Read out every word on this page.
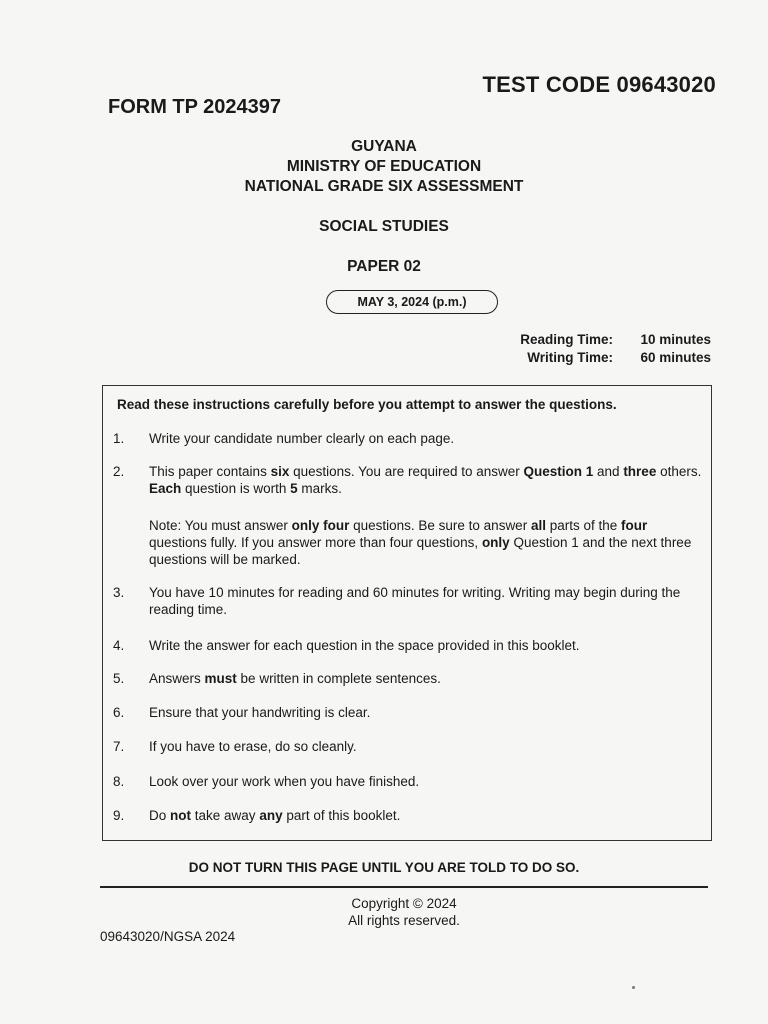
TEST CODE 09643020
FORM TP 2024397
GUYANA
MINISTRY OF EDUCATION
NATIONAL GRADE SIX ASSESSMENT
SOCIAL STUDIES
PAPER 02
MAY 3, 2024 (p.m.)
Reading Time:	10 minutes
Writing Time:	60 minutes
Read these instructions carefully before you attempt to answer the questions.
1.	Write your candidate number clearly on each page.
2.	This paper contains six questions. You are required to answer Question 1 and three others. Each question is worth 5 marks.
Note: You must answer only four questions. Be sure to answer all parts of the four questions fully. If you answer more than four questions, only Question 1 and the next three questions will be marked.
3.	You have 10 minutes for reading and 60 minutes for writing. Writing may begin during the reading time.
4.	Write the answer for each question in the space provided in this booklet.
5.	Answers must be written in complete sentences.
6.	Ensure that your handwriting is clear.
7.	If you have to erase, do so cleanly.
8.	Look over your work when you have finished.
9.	Do not take away any part of this booklet.
DO NOT TURN THIS PAGE UNTIL YOU ARE TOLD TO DO SO.
Copyright © 2024
All rights reserved.
09643020/NGSA 2024
